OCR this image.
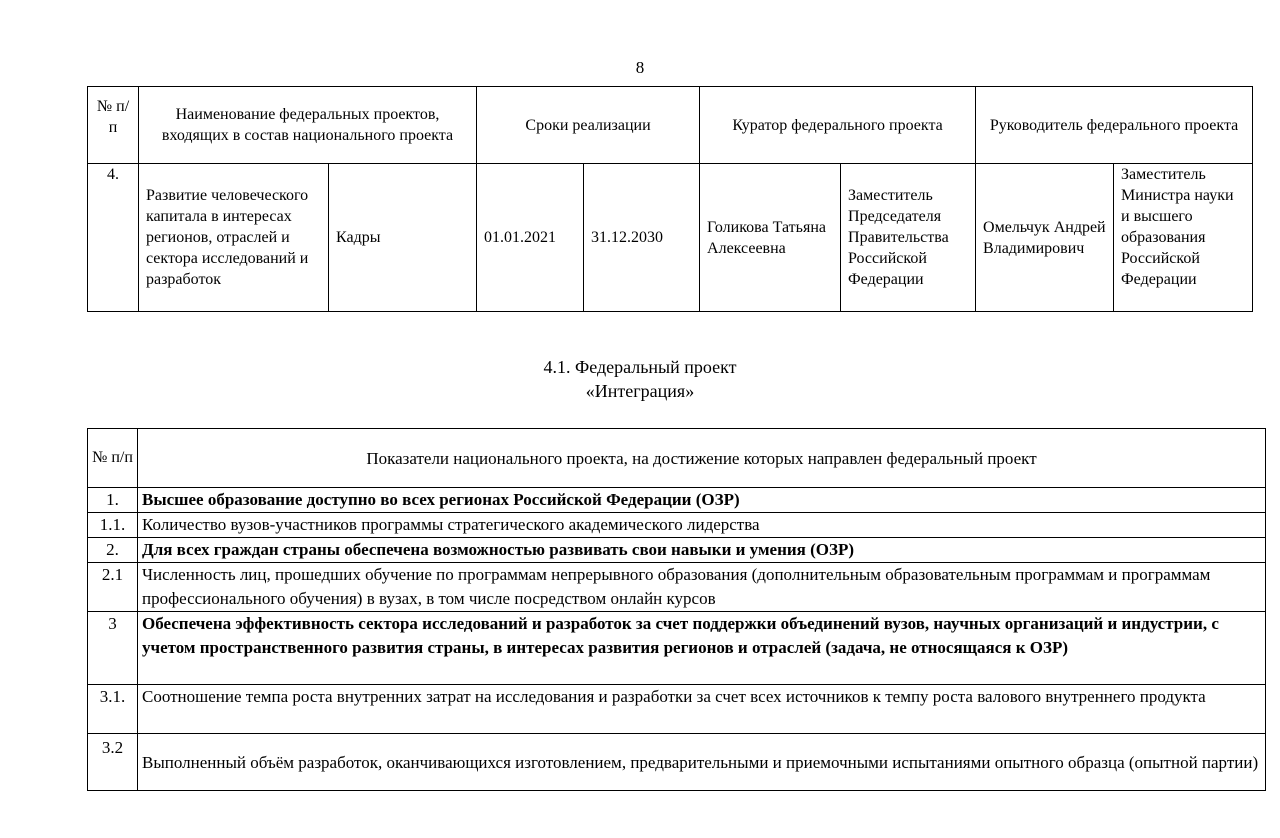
8
№ п/п	Наименование федеральных проектов, входящих в состав национального проекта		Сроки реализации		Куратор федерального проекта		Руководитель федерального проекта	
4.	Развитие человеческого капитала в интересах регионов, отраслей и сектора исследований и разработок	Кадры	01.01.2021	31.12.2030	Голикова Татьяна Алексеевна	Заместитель Председателя Правительства Российской Федерации	Омельчук Андрей Владимирович	Заместитель Министра науки и высшего образования Российской Федерации
4.1. Федеральный проект
«Интеграция»
№ п/п	Показатели национального проекта, на достижение которых направлен федеральный проект
1.	Высшее образование доступно во всех регионах Российской Федерации (ОЗР)
1.1.	Количество вузов-участников программы стратегического академического лидерства
2.	Для всех граждан страны обеспечена возможностью развивать свои навыки и умения (ОЗР)
2.1	Численность лиц, прошедших обучение по программам непрерывного образования (дополнительным образовательным программам и программам профессионального обучения) в вузах, в том числе посредством онлайн курсов
3	Обеспечена эффективность сектора исследований и разработок за счет поддержки объединений вузов, научных организаций и индустрии, с учетом пространственного развития страны, в интересах развития регионов и отраслей (задача, не относящаяся к ОЗР)
3.1.	Соотношение темпа роста внутренних затрат на исследования и разработки за счет всех источников к темпу роста валового внутреннего продукта
3.2	Выполненный объём разработок, оканчивающихся изготовлением, предварительными и приемочными испытаниями опытного образца (опытной партии)
